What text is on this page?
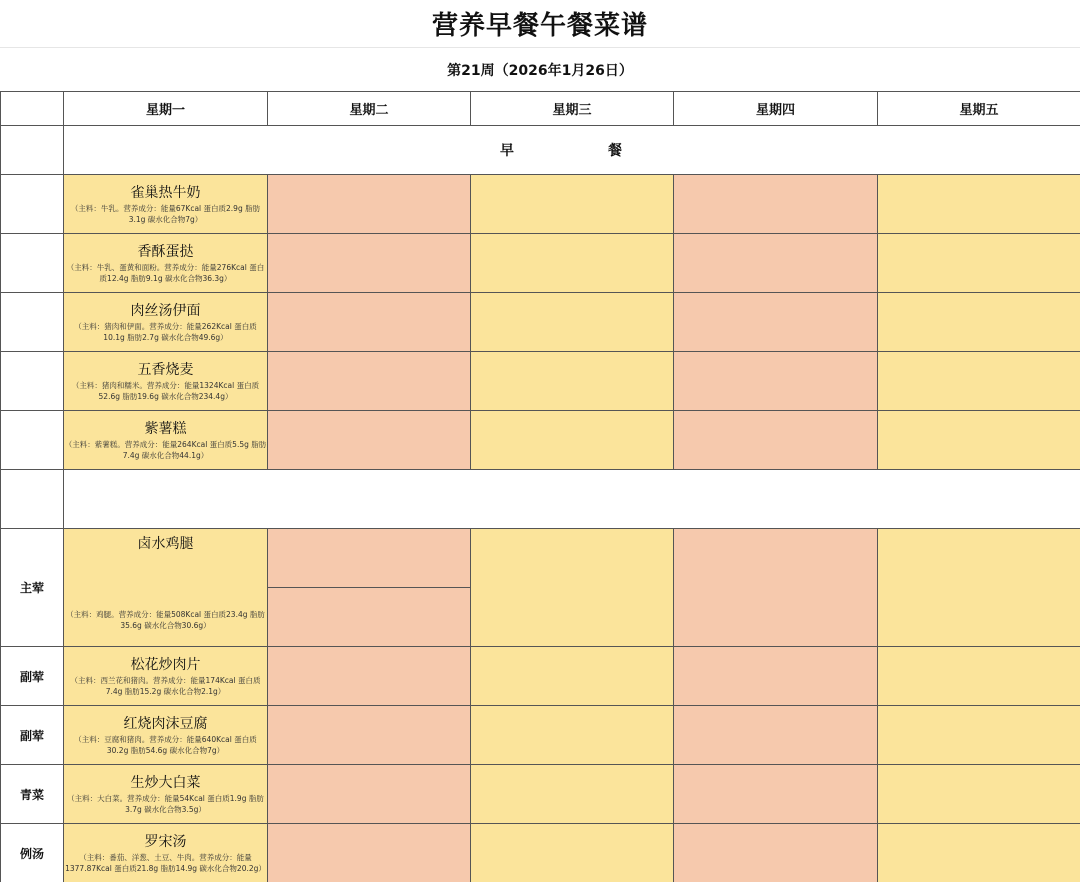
营养早餐午餐菜谱
第21周（2026年1月26日）
	星期一	星期二	星期三	星期四	星期五
	早　　餐				

	雀巢热牛奶
（主料：牛乳。营养成分：能量67Kcal 蛋白质2.9g 脂肪3.1g 碳水化合物7g）				

	香酥蛋挞
（主料：牛乳、蛋黄和面粉。营养成分：能量276Kcal 蛋白质12.4g 脂肪9.1g 碳水化合物36.3g）				

	肉丝汤伊面
（主料：猪肉和伊面。营养成分：能量262Kcal 蛋白质10.1g 脂肪2.7g 碳水化合物49.6g）				

	五香烧麦
（主料：猪肉和糯米。营养成分：能量1324Kcal 蛋白质52.6g 脂肪19.6g 碳水化合物234.4g）				

	紫薯糕
（主料：紫薯糕。营养成分：能量264Kcal 蛋白质5.5g 脂肪7.4g 碳水化合物44.1g）				

主荤	卤水鸡腿
（主料：鸡腿。营养成分：能量508Kcal 蛋白质23.4g 脂肪35.6g 碳水化合物30.6g）				

副荤	松花炒肉片
（主料：西兰花和猪肉。营养成分：能量174Kcal 蛋白质7.4g 脂肪15.2g 碳水化合物2.1g）				

副荤	红烧肉沫豆腐
（主料：豆腐和猪肉。营养成分：能量640Kcal 蛋白质30.2g 脂肪54.6g 碳水化合物7g）				

青菜	生炒大白菜
（主料：大白菜。营养成分：能量54Kcal 蛋白质1.9g 脂肪3.7g 碳水化合物3.5g）				

例汤	罗宋汤
（主料：番茄、洋葱、土豆、牛肉。营养成分：能量1377.87Kcal 蛋白质21.8g 脂肪14.9g 碳水化合物20.2g）				
